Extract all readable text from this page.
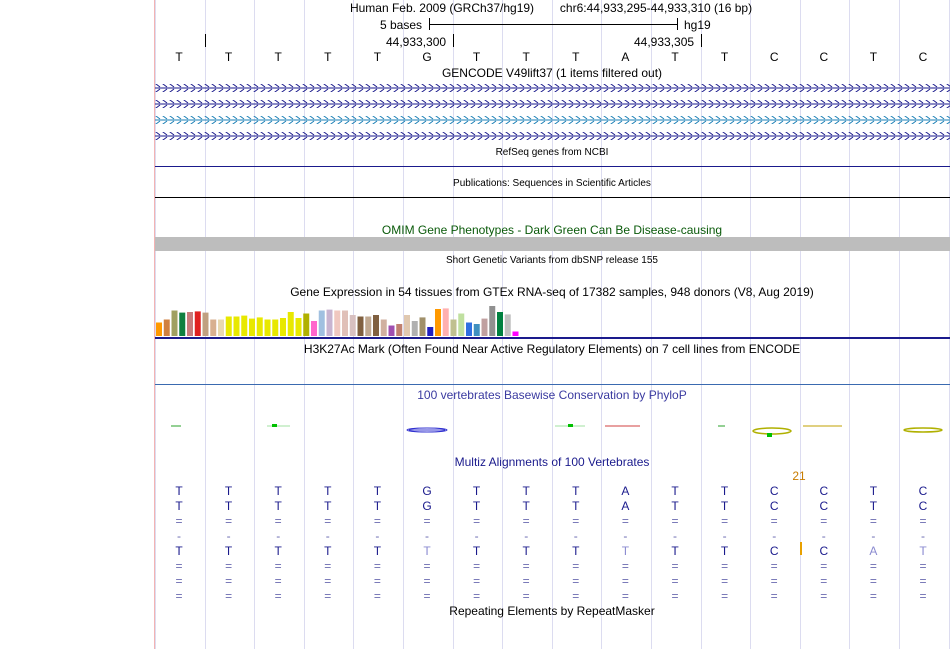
Human Feb. 2009 (GRCh37/hg19) chr6:44,933,295-44,933,310 (16 bp)
5 bases	hg19
44,933,300	44,933,305
T	T	T	T	T	G	T	T	T	A	T	T	C	C	T	C
GENCODE V49lift37 (1 items filtered out)
RefSeq genes from NCBI
Publications: Sequences in Scientific Articles
OMIM Gene Phenotypes - Dark Green Can Be Disease-causing
Short Genetic Variants from dbSNP release 155
Gene Expression in 54 tissues from GTEx RNA-seq of 17382 samples, 948 donors (V8, Aug 2019)
H3K27Ac Mark (Often Found Near Active Regulatory Elements) on 7 cell lines from ENCODE
100 vertebrates Basewise Conservation by PhyloP
Multiz Alignments of 100 Vertebrates
21
T	T	T	T	T	G	T	T	T	A	T	T	C	C	T	C
T	T	T	T	T	G	T	T	T	A	T	T	C	C	T	C
=	=	=	=	=	=	=	=	=	=	=	=	=	=	=	=
-	-	-	-	-	-	-	-	-	-	-	-	-	-	-	-
T	T	T	T	T	T	T	T	T	T	T	T	C	C	A	T
=	=	=	=	=	=	=	=	=	=	=	=	=	=	=	=
=	=	=	=	=	=	=	=	=	=	=	=	=	=	=	=
=	=	=	=	=	=	=	=	=	=	=	=	=	=	=	=
Repeating Elements by RepeatMasker
